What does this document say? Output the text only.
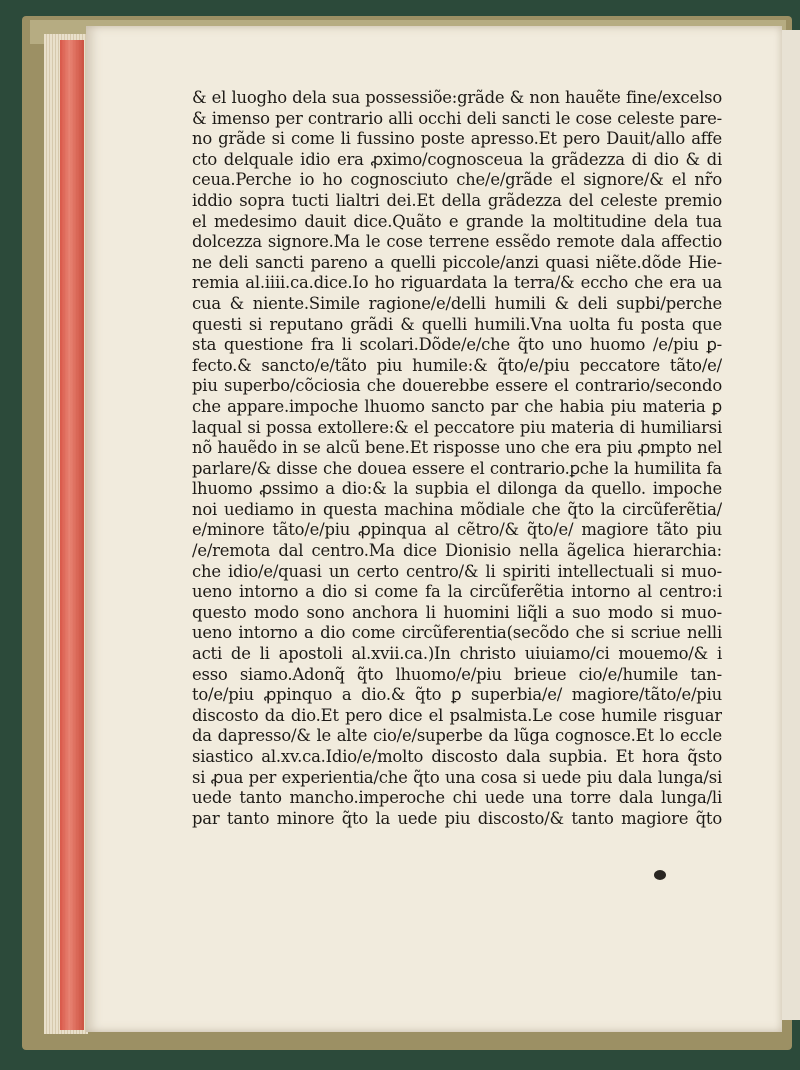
& el luogho dela sua possessiõe:grãde & non hauẽte fine/excelso
& imenso per contrario alli occhi deli sancti le cose celeste pare-
no grãde si come li fussino poste apresso.Et pero Dauit/allo affe
cto delquale idio era ꝓximo/cognosceua la grãdezza di dio & di
ceua.Perche io ho cognosciuto che/e/grãde el signore/& el nr̃o
iddio sopra tucti lialtri dei.Et della grãdezza del celeste premio
el medesimo dauit dice.Quãto e grande la moltitudine dela tua
dolcezza signore.Ma le cose terrene essẽdo remote dala affectio
ne deli sancti pareno a quelli piccole/anzi quasi niẽte.dõde Hie-
remia al.iiii.ca.dice.Io ho riguardata la terra/& eccho che era ua
cua & niente.Simile ragione/e/delli humili & deli supbi/perche
questi si reputano grãdi & quelli humili.Vna uolta fu posta que
sta questione fra li scolari.Dõde/e/che q̃to uno huomo /e/piu ꝑ-
fecto.& sancto/e/tãto piu humile:& q̃to/e/piu peccatore tãto/e/
piu superbo/cõciosia che douerebbe essere el contrario/secondo
che appare.impoche lhuomo sancto par che habia piu materia ꝑ
laqual si possa extollere:& el peccatore piu materia di humiliarsi
nõ hauẽdo in se alcũ bene.Et risposse uno che era piu ꝓmpto nel
parlare/& disse che douea essere el contrario.ꝑche la humilita fa
lhuomo ꝓssimo a dio:& la supbia el dilonga da quello. impoche
noi uediamo in questa machina mõdiale che q̃to la circũferẽtia/
e/minore tãto/e/piu ꝓpinqua al cẽtro/& q̃to/e/ magiore tãto piu
/e/remota dal centro.Ma dice Dionisio nella ãgelica hierarchia:
che idio/e/quasi un certo centro/& li spiriti intellectuali si muo-
ueno intorno a dio si come fa la circũferẽtia intorno al centro:i
questo modo sono anchora li huomini liq̃li a suo modo si muo-
ueno intorno a dio come circũferentia(secõdo che si scriue nelli
acti de li apostoli al.xvii.ca.)In christo uiuiamo/ci mouemo/& i
esso siamo.Adonq̃ q̃to lhuomo/e/piu brieue cio/e/humile tan-
to/e/piu ꝓpinquo a dio.& q̃to ꝑ superbia/e/ magiore/tãto/e/piu
discosto da dio.Et pero dice el psalmista.Le cose humile risguar
da dapresso/& le alte cio/e/superbe da lũga cognosce.Et lo eccle
siastico al.xv.ca.Idio/e/molto discosto dala supbia. Et hora q̃sto
si ꝓua per experientia/che q̃to una cosa si uede piu dala lunga/si
uede tanto mancho.imperoche chi uede una torre dala lunga/li
par tanto minore q̃to la uede piu discosto/& tanto magiore q̃to
